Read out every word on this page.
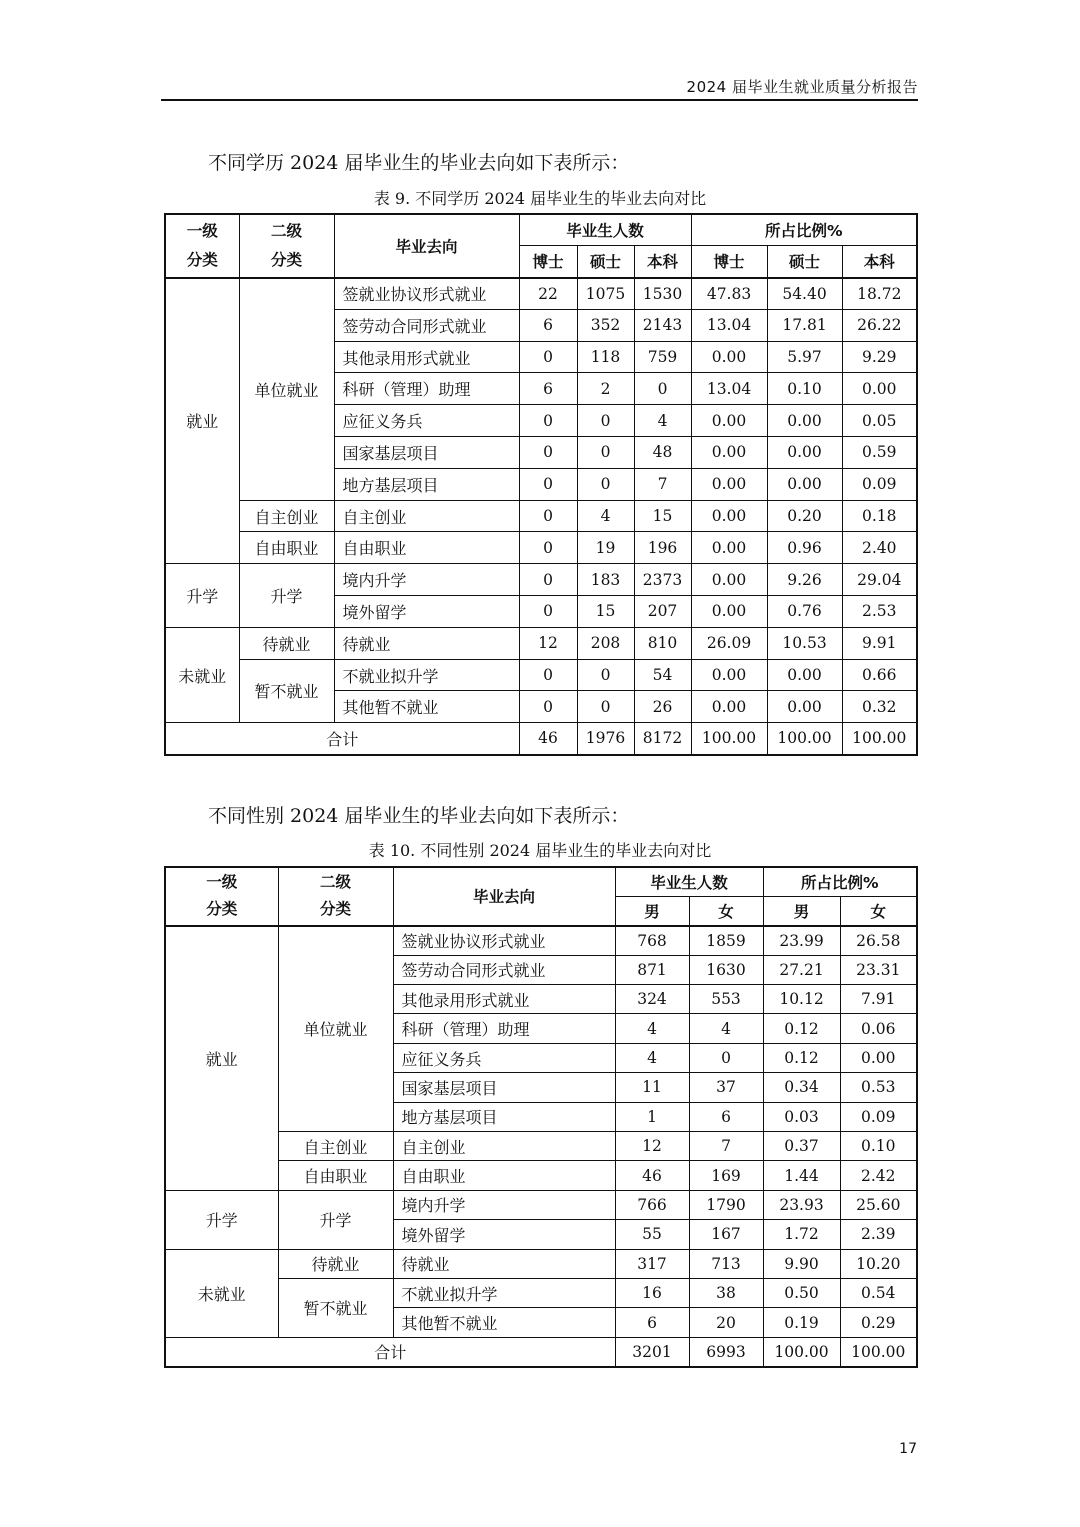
2024 届毕业生就业质量分析报告
不同学历 2024 届毕业生的毕业去向如下表所示：
表 9. 不同学历 2024 届毕业生的毕业去向对比
一级分类	二级分类	毕业去向	毕业生人数			所占比例%		
			博士	硕士	本科	博士	硕士	本科
就业	单位就业	签就业协议形式就业	22	1075	1530	47.83	54.40	18.72
		签劳动合同形式就业	6	352	2143	13.04	17.81	26.22
		其他录用形式就业	0	118	759	0.00	5.97	9.29
		科研（管理）助理	6	2	0	13.04	0.10	0.00
		应征义务兵	0	0	4	0.00	0.00	0.05
		国家基层项目	0	0	48	0.00	0.00	0.59
		地方基层项目	0	0	7	0.00	0.00	0.09
	自主创业	自主创业	0	4	15	0.00	0.20	0.18
	自由职业	自由职业	0	19	196	0.00	0.96	2.40
升学	升学	境内升学	0	183	2373	0.00	9.26	29.04
		境外留学	0	15	207	0.00	0.76	2.53
未就业	待就业	待就业	12	208	810	26.09	10.53	9.91
	暂不就业	不就业拟升学	0	0	54	0.00	0.00	0.66
		其他暂不就业	0	0	26	0.00	0.00	0.32
合计			46	1976	8172	100.00	100.00	100.00
不同性别 2024 届毕业生的毕业去向如下表所示：
表 10. 不同性别 2024 届毕业生的毕业去向对比
一级分类	二级分类	毕业去向	毕业生人数		所占比例%	
			男	女	男	女
就业	单位就业	签就业协议形式就业	768	1859	23.99	26.58
		签劳动合同形式就业	871	1630	27.21	23.31
		其他录用形式就业	324	553	10.12	7.91
		科研（管理）助理	4	4	0.12	0.06
		应征义务兵	4	0	0.12	0.00
		国家基层项目	11	37	0.34	0.53
		地方基层项目	1	6	0.03	0.09
	自主创业	自主创业	12	7	0.37	0.10
	自由职业	自由职业	46	169	1.44	2.42
升学	升学	境内升学	766	1790	23.93	25.60
		境外留学	55	167	1.72	2.39
未就业	待就业	待就业	317	713	9.90	10.20
	暂不就业	不就业拟升学	16	38	0.50	0.54
		其他暂不就业	6	20	0.19	0.29
合计			3201	6993	100.00	100.00
17
